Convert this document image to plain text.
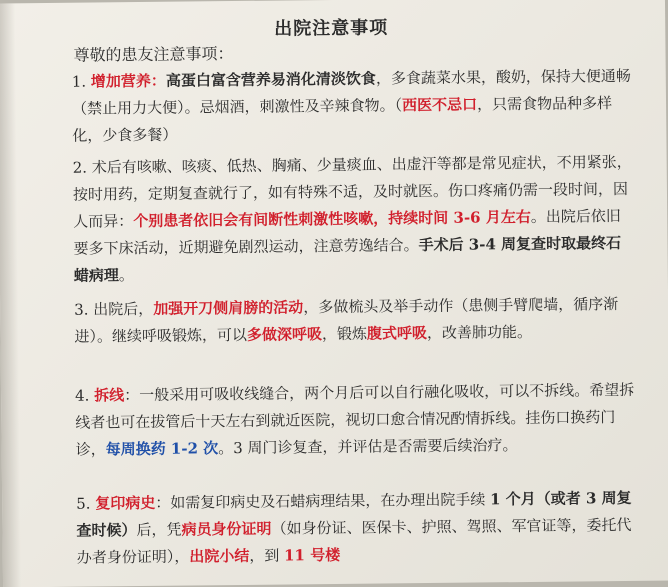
出院注意事项
尊敬的患友注意事项：
1. 增加营养：高蛋白富含营养易消化清淡饮食，多食蔬菜水果，酸奶，保持大便通畅（禁止用力大便）。忌烟酒，刺激性及辛辣食物。（西医不忌口，只需食物品种多样化，少食多餐）
2. 术后有咳嗽、咳痰、低热、胸痛、少量痰血、出虚汗等都是常见症状，不用紧张，按时用药，定期复查就行了，如有特殊不适，及时就医。伤口疼痛仍需一段时间，因人而异：个别患者依旧会有间断性刺激性咳嗽，持续时间 3-6 月左右。出院后依旧要多下床活动，近期避免剧烈运动，注意劳逸结合。手术后 3-4 周复查时取最终石蜡病理。
3. 出院后，加强开刀侧肩膀的活动，多做梳头及举手动作（患侧手臂爬墙，循序渐进）。继续呼吸锻炼，可以多做深呼吸，锻炼腹式呼吸，改善肺功能。
4. 拆线：一般采用可吸收线缝合，两个月后可以自行融化吸收，可以不拆线。希望拆线者也可在拔管后十天左右到就近医院，视切口愈合情况酌情拆线。挂伤口换药门诊，每周换药 1-2 次。3 周门诊复查，并评估是否需要后续治疗。
5. 复印病史：如需复印病史及石蜡病理结果，在办理出院手续 1 个月（或者 3 周复查时候）后，凭病员身份证明（如身份证、医保卡、护照、驾照、军官证等，委托代办者身份证明），出院小结，到 11 号楼
